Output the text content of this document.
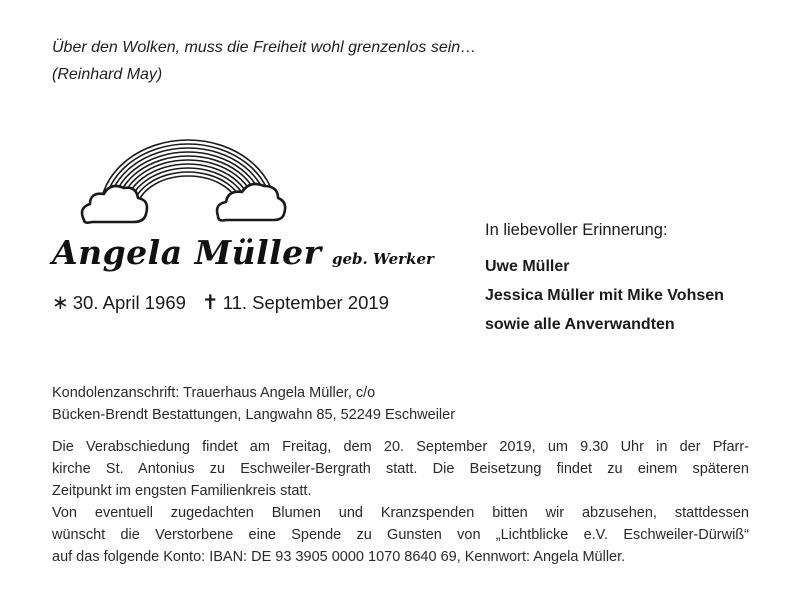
Über den Wolken, muss die Freiheit wohl grenzenlos sein…
(Reinhard May)
Angela Müller geb. Werker
∗ 30. April 1969 ✝ 11. September 2019
In liebevoller Erinnerung:
Uwe Müller
Jessica Müller mit Mike Vohsen
sowie alle Anverwandten
Kondolenzanschrift: Trauerhaus Angela Müller, c/o
Bücken-Brendt Bestattungen, Langwahn 85, 52249 Eschweiler
Die Verabschiedung findet am Freitag, dem 20. September 2019, um 9.30 Uhr in der Pfarr-
kirche St. Antonius zu Eschweiler-Bergrath statt. Die Beisetzung findet zu einem späteren
Zeitpunkt im engsten Familienkreis statt.
Von eventuell zugedachten Blumen und Kranzspenden bitten wir abzusehen, stattdessen
wünscht die Verstorbene eine Spende zu Gunsten von „Lichtblicke e.V. Eschweiler-Dürwiß“
auf das folgende Konto: IBAN: DE 93 3905 0000 1070 8640 69, Kennwort: Angela Müller.
